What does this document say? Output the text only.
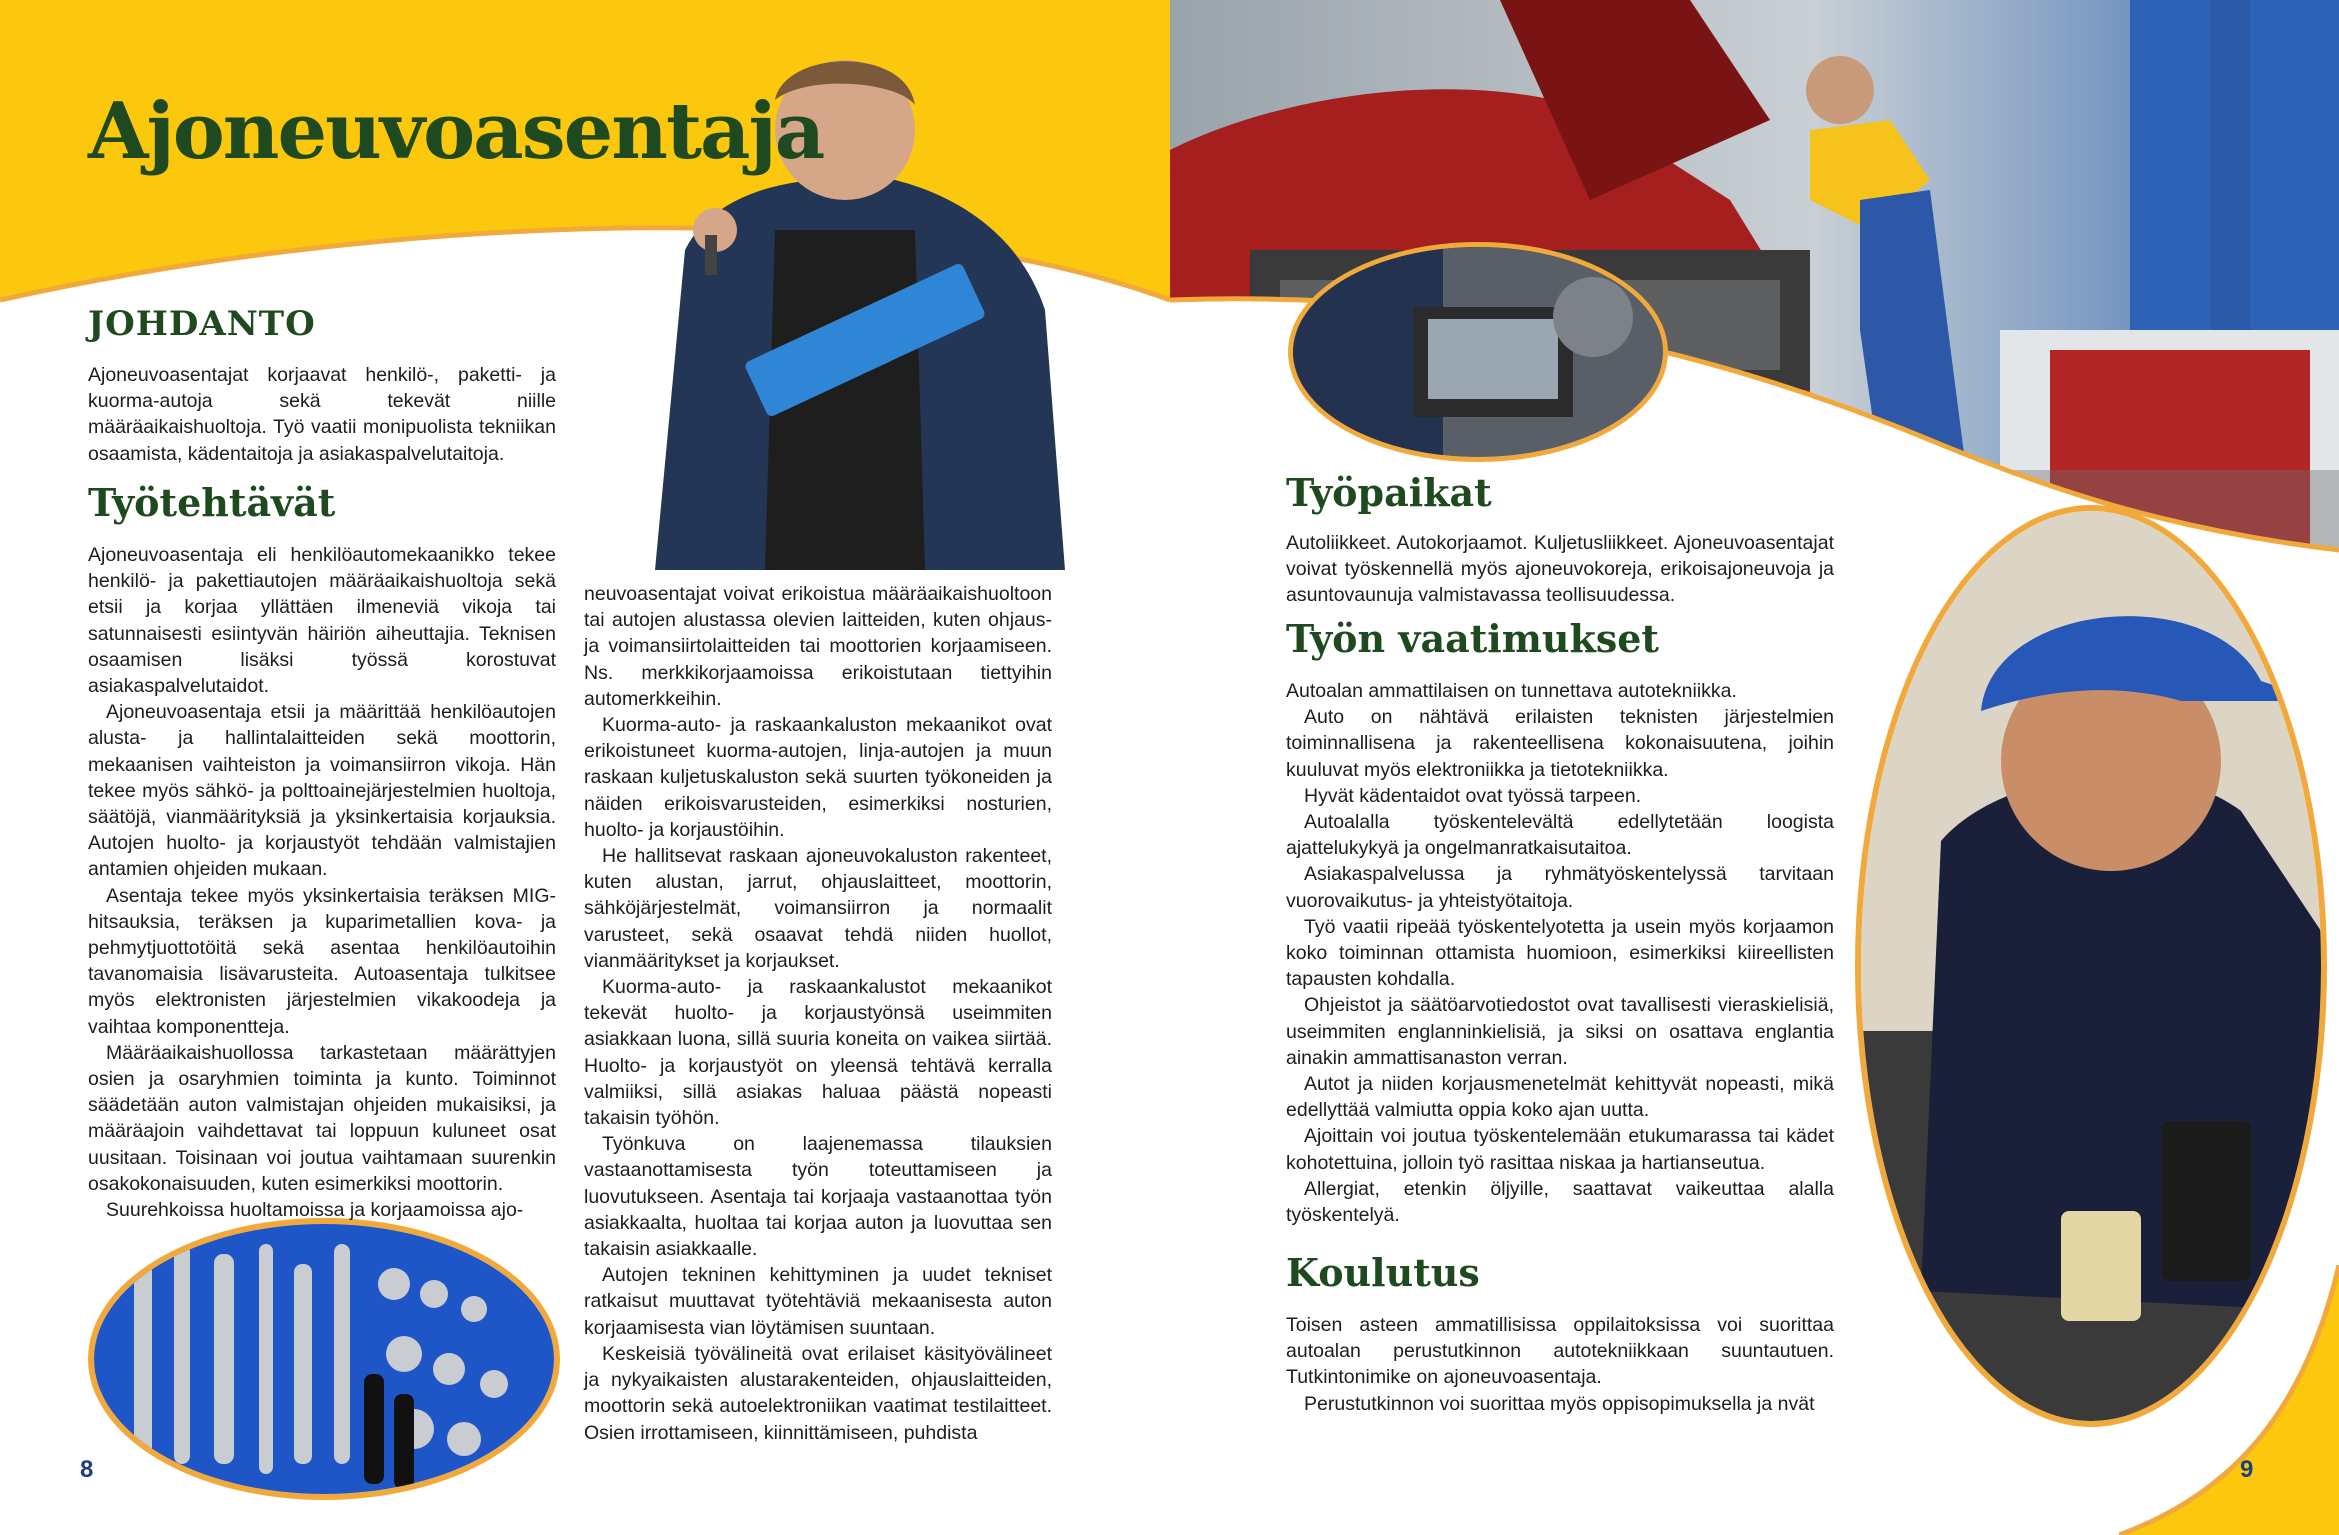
Ajoneuvoasentaja
JOHDANTO

Ajoneuvoasentajat korjaavat henkilö-, paketti- ja kuorma-autoja sekä tekevät niille määräaikaishuoltoja. Työ vaatii monipuolista tekniikan osaamista, kädentaitoja ja asiakaspalvelutaitoja.

Työtehtävät

Ajoneuvoasentaja eli henkilöautomekaanikko tekee henkilö- ja pakettiautojen määräaikaishuoltoja sekä etsii ja korjaa yllättäen ilmeneviä vikoja tai satunnaisesti esiintyvän häiriön aiheuttajia. Teknisen osaamisen lisäksi työssä korostuvat asiakaspalvelutaidot.

Ajoneuvoasentaja etsii ja määrittää henkilöautojen alusta- ja hallintalaitteiden sekä moottorin, mekaanisen vaihteiston ja voimansiirron vikoja. Hän tekee myös sähkö- ja polttoainejärjestelmien huoltoja, säätöjä, vianmäärityksiä ja yksinkertaisia korjauksia. Autojen huolto- ja korjaustyöt tehdään valmistajien antamien ohjeiden mukaan.

Asentaja tekee myös yksinkertaisia teräksen MIG-hitsauksia, teräksen ja kuparimetallien kova- ja pehmytjuottotöitä sekä asentaa henkilöautoihin tavanomaisia lisävarusteita. Autoasentaja tulkitsee myös elektronisten järjestelmien vikakoodeja ja vaihtaa komponentteja.

Määräaikaishuollossa tarkastetaan määrättyjen osien ja osaryhmien toiminta ja kunto. Toiminnot säädetään auton valmistajan ohjeiden mukaisiksi, ja määräajoin vaihdettavat tai loppuun kuluneet osat uusitaan. Toisinaan voi joutua vaihtamaan suurenkin osakokonaisuuden, kuten esimerkiksi moottorin.

Suurehkoissa huoltamoissa ja korjaamoissa ajo-

neuvoasentajat voivat erikoistua määräaikaishuoltoon tai autojen alustassa olevien laitteiden, kuten ohjaus- ja voimansiirtolaitteiden tai moottorien korjaamiseen. Ns. merkkikorjaamoissa erikoistutaan tiettyihin automerkkeihin.

Kuorma-auto- ja raskaankaluston mekaanikot ovat erikoistuneet kuorma-autojen, linja-autojen ja muun raskaan kuljetuskaluston sekä suurten työkoneiden ja näiden erikoisvarusteiden, esimerkiksi nosturien, huolto- ja korjaustöihin.

He hallitsevat raskaan ajoneuvokaluston rakenteet, kuten alustan, jarrut, ohjauslaitteet, moottorin, sähköjärjestelmät, voimansiirron ja normaalit varusteet, sekä osaavat tehdä niiden huollot, vianmääritykset ja korjaukset.

Kuorma-auto- ja raskaankalustot mekaanikot tekevät huolto- ja korjaustyönsä useimmiten asiakkaan luona, sillä suuria koneita on vaikea siirtää. Huolto- ja korjaustyöt on yleensä tehtävä kerralla valmiiksi, sillä asiakas haluaa päästä nopeasti takaisin työhön.

Työnkuva on laajenemassa tilauksien vastaanottamisesta työn toteuttamiseen ja luovutukseen. Asentaja tai korjaaja vastaanottaa työn asiakkaalta, huoltaa tai korjaa auton ja luovuttaa sen takaisin asiakkaalle.

Autojen tekninen kehittyminen ja uudet tekniset ratkaisut muuttavat työtehtäviä mekaanisesta auton korjaamisesta vian löytämisen suuntaan.

Keskeisiä työvälineitä ovat erilaiset käsityövälineet ja nykyaikaisten alustarakenteiden, ohjauslaitteiden, moottorin sekä autoelektroniikan vaatimat testilaitteet. Osien irrottamiseen, kiinnittämiseen, puhdista

8
Työpaikat

Autoliikkeet. Autokorjaamot. Kuljetusliikkeet. Ajoneuvoasentajat voivat työskennellä myös ajoneuvokoreja, erikoisajoneuvoja ja asuntovaunuja valmistavassa teollisuudessa.

Työn vaatimukset

Autoalan ammattilaisen on tunnettava autotekniikka.

Auto on nähtävä erilaisten teknisten järjestelmien toiminnallisena ja rakenteellisena kokonaisuutena, joihin kuuluvat myös elektroniikka ja tietotekniikka.

Hyvät kädentaidot ovat työssä tarpeen.

Autoalalla työskentelevältä edellytetään loogista ajattelukykyä ja ongelmanratkaisutaitoa.

Asiakaspalvelussa ja ryhmätyöskentelyssä tarvitaan vuorovaikutus- ja yhteistyötaitoja.

Työ vaatii ripeää työskentelyotetta ja usein myös korjaamon koko toiminnan ottamista huomioon, esimerkiksi kiireellisten tapausten kohdalla.

Ohjeistot ja säätöarvotiedostot ovat tavallisesti vieraskielisiä, useimmiten englanninkielisiä, ja siksi on osattava englantia ainakin ammattisanaston verran.

Autot ja niiden korjausmenetelmät kehittyvät nopeasti, mikä edellyttää valmiutta oppia koko ajan uutta.

Ajoittain voi joutua työskentelemään etukumarassa tai kädet kohotettuina, jolloin työ rasittaa niskaa ja hartianseutua.

Allergiat, etenkin öljyille, saattavat vaikeuttaa alalla työskentelyä.

Koulutus

Toisen asteen ammatillisissa oppilaitoksissa voi suorittaa autoalan perustutkinnon autotekniikkaan suuntautuen. Tutkintonimike on ajoneuvoasentaja.

Perustutkinnon voi suorittaa myös oppisopimuksella ja nvät

9
